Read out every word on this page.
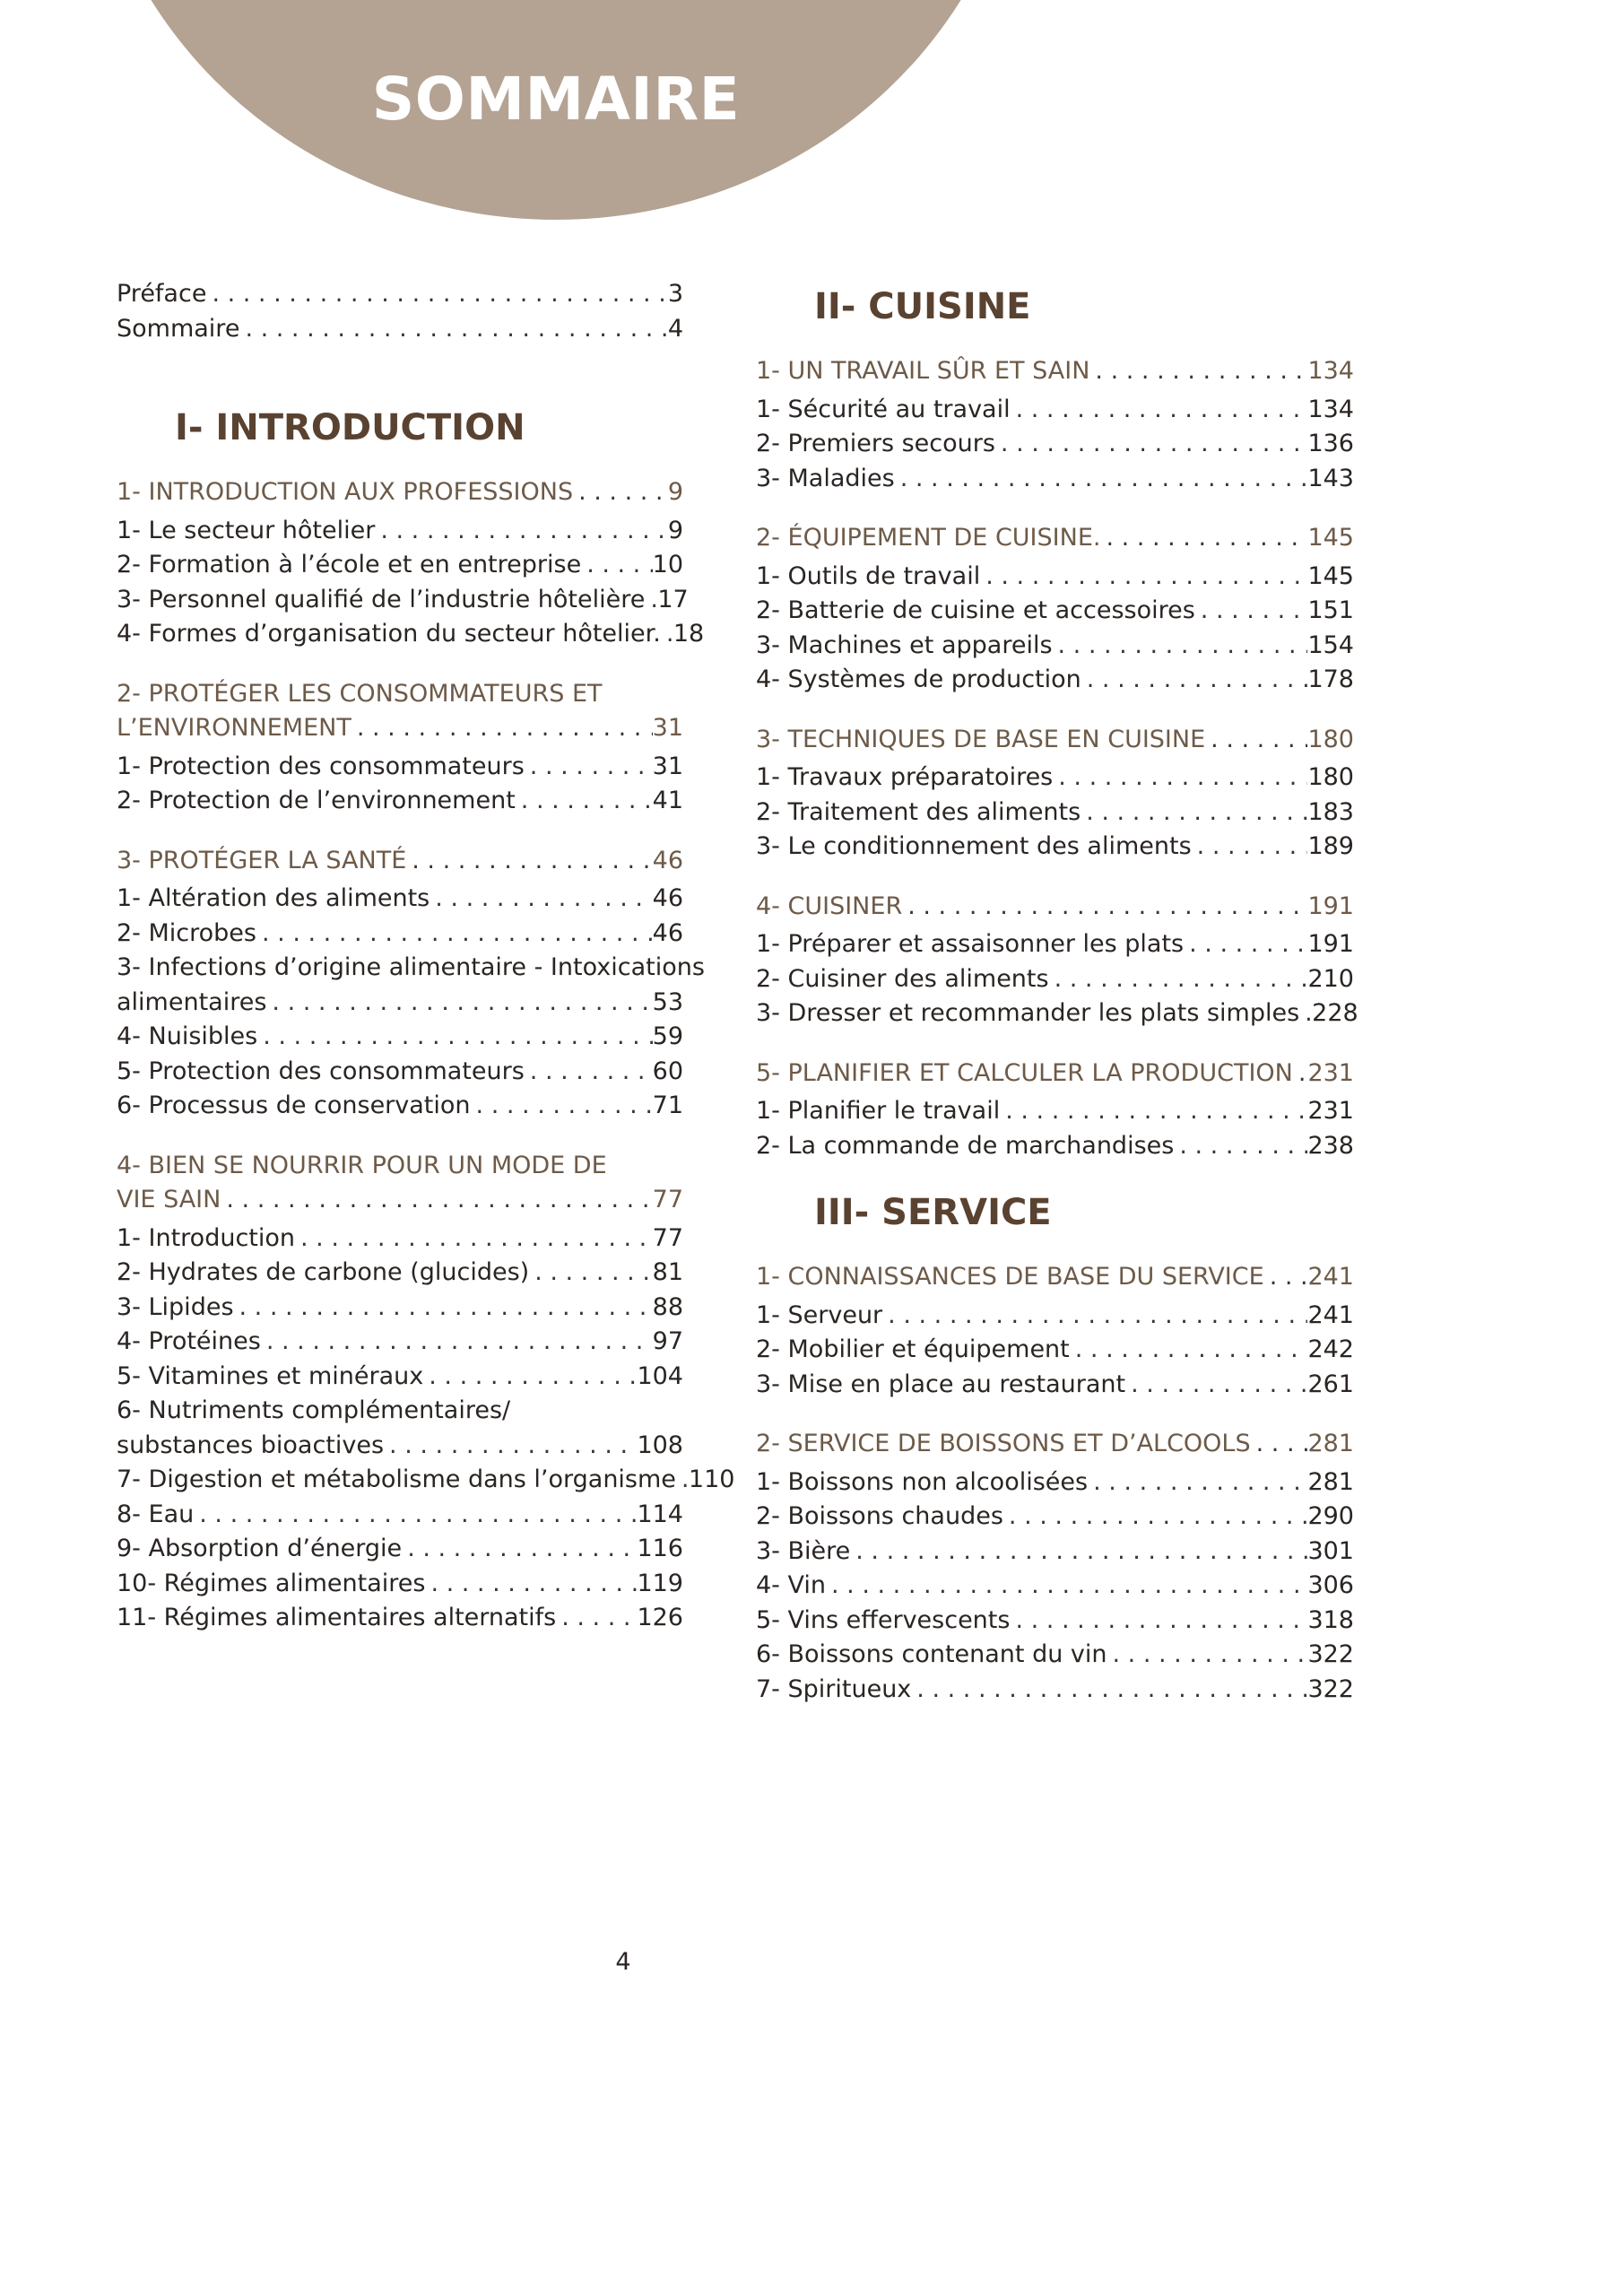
SOMMAIRE
Préface . . .	3
Sommaire . . .	4
I- INTRODUCTION
1- INTRODUCTION AUX PROFESSIONS . . .	9
1- Le secteur hôtelier . . .	9
2- Formation à l’école et en entreprise . . .	10
3- Personnel qualifié de l’industrie hôtelière . . . 17
4- Formes d’organisation du secteur hôtelier. . . . 18
2- PROTÉGER LES CONSOMMATEURS ET
L’ENVIRONNEMENT . . .	31
1- Protection des consommateurs . . .	31
2- Protection de l’environnement . . .	41
3- PROTÉGER LA SANTÉ . . .	46
1- Altération des aliments . . .	46
2- Microbes . . .	46
3- Infections d’origine alimentaire - Intoxications
alimentaires . . .	53
4- Nuisibles . . .	59
5- Protection des consommateurs . . .	60
6- Processus de conservation . . .	71
4- BIEN SE NOURRIR POUR UN MODE DE
VIE SAIN . . .	77
1- Introduction . . .	77
2- Hydrates de carbone (glucides) . . .	81
3- Lipides . . .	88
4- Protéines . . .	97
5- Vitamines et minéraux . . .	104
6- Nutriments complémentaires/
substances bioactives . . .	108
7- Digestion et métabolisme dans l’organisme . . . 110
8- Eau . . .	114
9- Absorption d’énergie . . .	116
10- Régimes alimentaires . . .	119
11- Régimes alimentaires alternatifs . . .	126
II- CUISINE
1- UN TRAVAIL SÛR ET SAIN . . .	134
1- Sécurité au travail . . .	134
2- Premiers secours . . .	136
3- Maladies . . .	143
2- ÉQUIPEMENT DE CUISINE. . . .	145
1- Outils de travail . . .	145
2- Batterie de cuisine et accessoires . . .	151
3- Machines et appareils . . .	154
4- Systèmes de production . . .	178
3- TECHNIQUES DE BASE EN CUISINE . . .	180
1- Travaux préparatoires . . .	180
2- Traitement des aliments . . .	183
3- Le conditionnement des aliments . . .	189
4- CUISINER . . .	191
1- Préparer et assaisonner les plats . . .	191
2- Cuisiner des aliments . . .	210
3- Dresser et recommander les plats simples . . . 228
5- PLANIFIER ET CALCULER LA PRODUCTION . . . 231
1- Planifier le travail . . .	231
2- La commande de marchandises . . .	238
III- SERVICE
1- CONNAISSANCES DE BASE DU SERVICE . . . 241
1- Serveur . . .	241
2- Mobilier et équipement . . .	242
3- Mise en place au restaurant . . .	261
2- SERVICE DE BOISSONS ET D’ALCOOLS . . . 281
1- Boissons non alcoolisées . . .	281
2- Boissons chaudes . . .	290
3- Bière . . .	301
4- Vin . . .	306
5- Vins effervescents . . .	318
6- Boissons contenant du vin . . .	322
7- Spiritueux . . .	322
4
